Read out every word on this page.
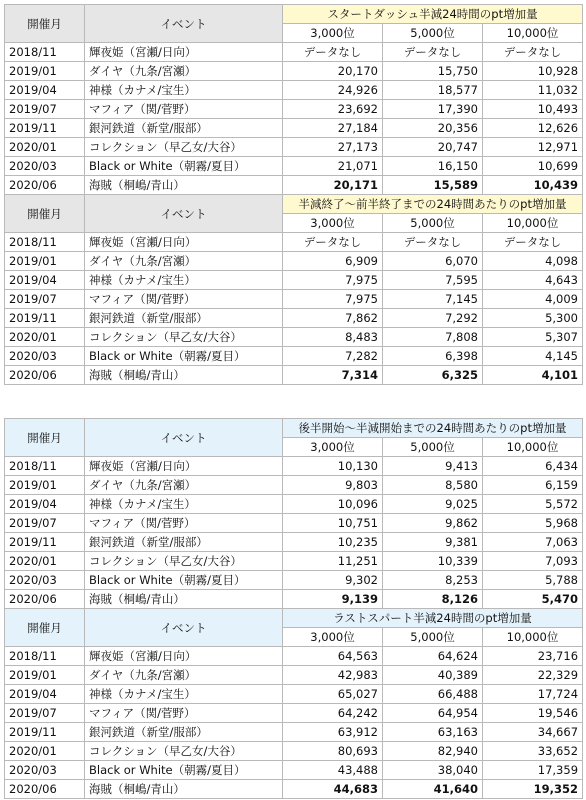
開催月	イベント	スタートダッシュ半減24時間のpt増加量		
		3,000位	5,000位	10,000位
2018/11	輝夜姫（宮瀬/日向）	データなし	データなし	データなし
2019/01	ダイヤ（九条/宮瀬）	20,170	15,750	10,928
2019/04	神様（カナメ/宝生）	24,926	18,577	11,032
2019/07	マフィア（関/菅野）	23,692	17,390	10,493
2019/11	銀河鉄道（新堂/服部）	27,184	20,356	12,626
2020/01	コレクション（早乙女/大谷）	27,173	20,747	12,971
2020/03	Black or White（朝霧/夏目）	21,071	16,150	10,699
2020/06	海賊（桐嶋/青山）	20,171	15,589	10,439
開催月	イベント	半減終了～前半終了までの24時間あたりのpt増加量		
		3,000位	5,000位	10,000位
2018/11	輝夜姫（宮瀬/日向）	データなし	データなし	データなし
2019/01	ダイヤ（九条/宮瀬）	6,909	6,070	4,098
2019/04	神様（カナメ/宝生）	7,975	7,595	4,643
2019/07	マフィア（関/菅野）	7,975	7,145	4,009
2019/11	銀河鉄道（新堂/服部）	7,862	7,292	5,300
2020/01	コレクション（早乙女/大谷）	8,483	7,808	5,307
2020/03	Black or White（朝霧/夏目）	7,282	6,398	4,145
2020/06	海賊（桐嶋/青山）	7,314	6,325	4,101
開催月	イベント	後半開始～半減開始までの24時間あたりのpt増加量		
		3,000位	5,000位	10,000位
2018/11	輝夜姫（宮瀬/日向）	10,130	9,413	6,434
2019/01	ダイヤ（九条/宮瀬）	9,803	8,580	6,159
2019/04	神様（カナメ/宝生）	10,096	9,025	5,572
2019/07	マフィア（関/菅野）	10,751	9,862	5,968
2019/11	銀河鉄道（新堂/服部）	10,235	9,381	7,063
2020/01	コレクション（早乙女/大谷）	11,251	10,339	7,093
2020/03	Black or White（朝霧/夏目）	9,302	8,253	5,788
2020/06	海賊（桐嶋/青山）	9,139	8,126	5,470
開催月	イベント	ラストスパート半減24時間のpt増加量		
		3,000位	5,000位	10,000位
2018/11	輝夜姫（宮瀬/日向）	64,563	64,624	23,716
2019/01	ダイヤ（九条/宮瀬）	42,983	40,389	22,329
2019/04	神様（カナメ/宝生）	65,027	66,488	17,724
2019/07	マフィア（関/菅野）	64,242	64,954	19,546
2019/11	銀河鉄道（新堂/服部）	63,912	63,163	34,667
2020/01	コレクション（早乙女/大谷）	80,693	82,940	33,652
2020/03	Black or White（朝霧/夏目）	43,488	38,040	17,359
2020/06	海賊（桐嶋/青山）	44,683	41,640	19,352
